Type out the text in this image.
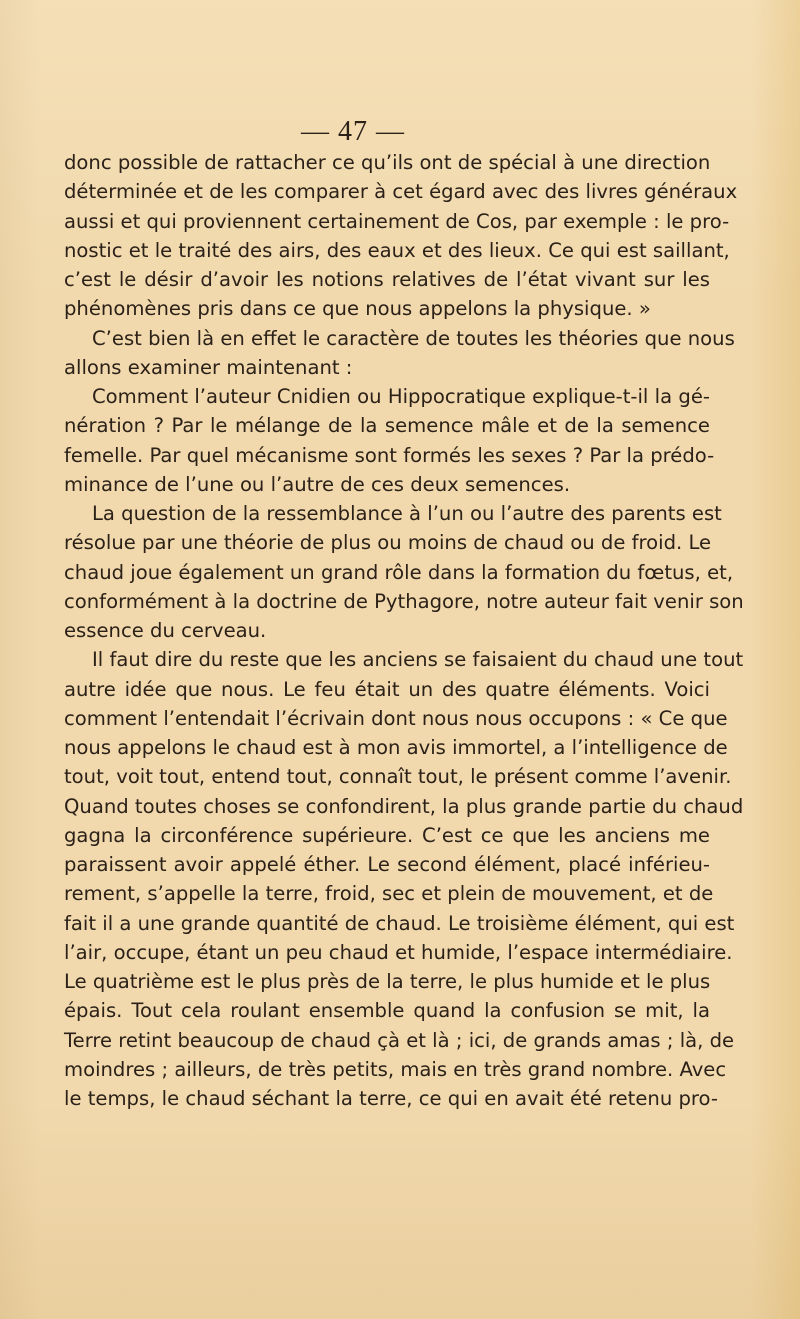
— 47 —
donc possible de rattacher ce qu’ils ont de spécial à une direction
déterminée et de les comparer à cet égard avec des livres généraux
aussi et qui proviennent certainement de Cos, par exemple : le pro-
nostic et le traité des airs, des eaux et des lieux. Ce qui est saillant,
c’est le désir d’avoir les notions relatives de l’état vivant sur les
phénomènes pris dans ce que nous appelons la physique. »
C’est bien là en effet le caractère de toutes les théories que nous
allons examiner maintenant :
Comment l’auteur Cnidien ou Hippocratique explique-t-il la gé-
nération ? Par le mélange de la semence mâle et de la semence
femelle. Par quel mécanisme sont formés les sexes ? Par la prédo-
minance de l’une ou l’autre de ces deux semences.
La question de la ressemblance à l’un ou l’autre des parents est
résolue par une théorie de plus ou moins de chaud ou de froid. Le
chaud joue également un grand rôle dans la formation du fœtus, et,
conformément à la doctrine de Pythagore, notre auteur fait venir son
essence du cerveau.
Il faut dire du reste que les anciens se faisaient du chaud une tout
autre idée que nous. Le feu était un des quatre éléments. Voici
comment l’entendait l’écrivain dont nous nous occupons : « Ce que
nous appelons le chaud est à mon avis immortel, a l’intelligence de
tout, voit tout, entend tout, connaît tout, le présent comme l’avenir.
Quand toutes choses se confondirent, la plus grande partie du chaud
gagna la circonférence supérieure. C’est ce que les anciens me
paraissent avoir appelé éther. Le second élément, placé inférieu-
rement, s’appelle la terre, froid, sec et plein de mouvement, et de
fait il a une grande quantité de chaud. Le troisième élément, qui est
l’air, occupe, étant un peu chaud et humide, l’espace intermédiaire.
Le quatrième est le plus près de la terre, le plus humide et le plus
épais. Tout cela roulant ensemble quand la confusion se mit, la
Terre retint beaucoup de chaud çà et là ; ici, de grands amas ; là, de
moindres ; ailleurs, de très petits, mais en très grand nombre. Avec
le temps, le chaud séchant la terre, ce qui en avait été retenu pro-
